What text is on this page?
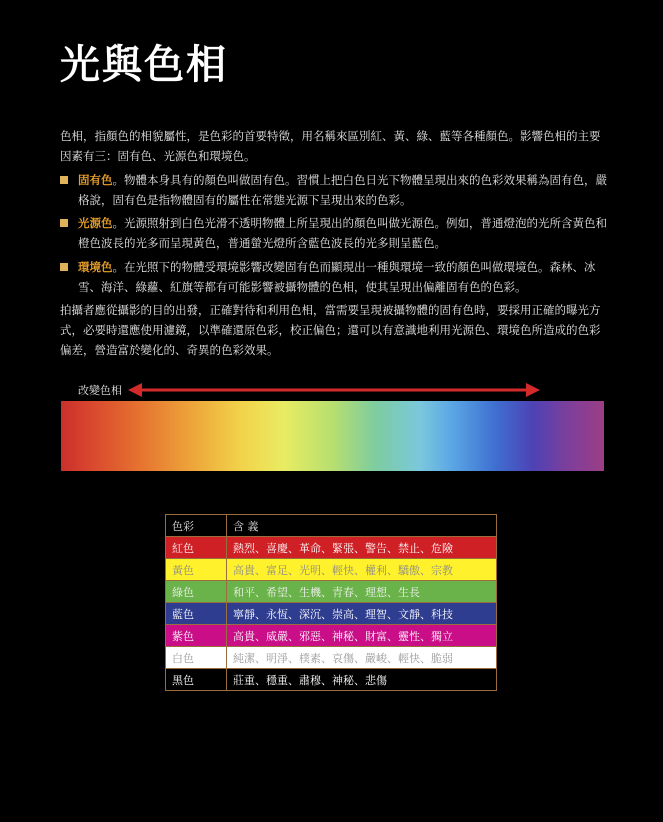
光與色相
色相，指顏色的相貌屬性，是色彩的首要特徵，用名稱來區別紅、黃、綠、藍等各種顏色。影響色相的主要因素有三：固有色、光源色和環境色。
固有色。物體本身具有的顏色叫做固有色。習慣上把白色日光下物體呈現出來的色彩效果稱為固有色，嚴格說，固有色是指物體固有的屬性在常態光源下呈現出來的色彩。
光源色。光源照射到白色光滑不透明物體上所呈現出的顏色叫做光源色。例如，普通燈泡的光所含黃色和橙色波長的光多而呈現黃色，普通螢光燈所含藍色波長的光多則呈藍色。
環境色。在光照下的物體受環境影響改變固有色而顯現出一種與環境一致的顏色叫做環境色。森林、冰雪、海洋、綠蘿、紅旗等都有可能影響被攝物體的色相，使其呈現出偏離固有色的色彩。
拍攝者應從攝影的目的出發，正確對待和利用色相，當需要呈現被攝物體的固有色時，要採用正確的曝光方式，必要時還應使用濾鏡，以準確還原色彩，校正偏色；還可以有意識地利用光源色、環境色所造成的色彩偏差，營造富於變化的、奇異的色彩效果。
改變色相
色彩	含 義
紅色	熱烈、喜慶、革命、緊張、警告、禁止、危險
黃色	高貴、富足、光明、輕快、權利、驕傲、宗教
綠色	和平、希望、生機、青春、理想、生長
藍色	寧靜、永恆、深沉、崇高、理智、文靜、科技
紫色	高貴、威嚴、邪惡、神秘、財富、靈性、獨立
白色	純潔、明淨、樸素、哀傷、嚴峻、輕快、脆弱
黑色	莊重、穩重、肅穆、神秘、悲傷
